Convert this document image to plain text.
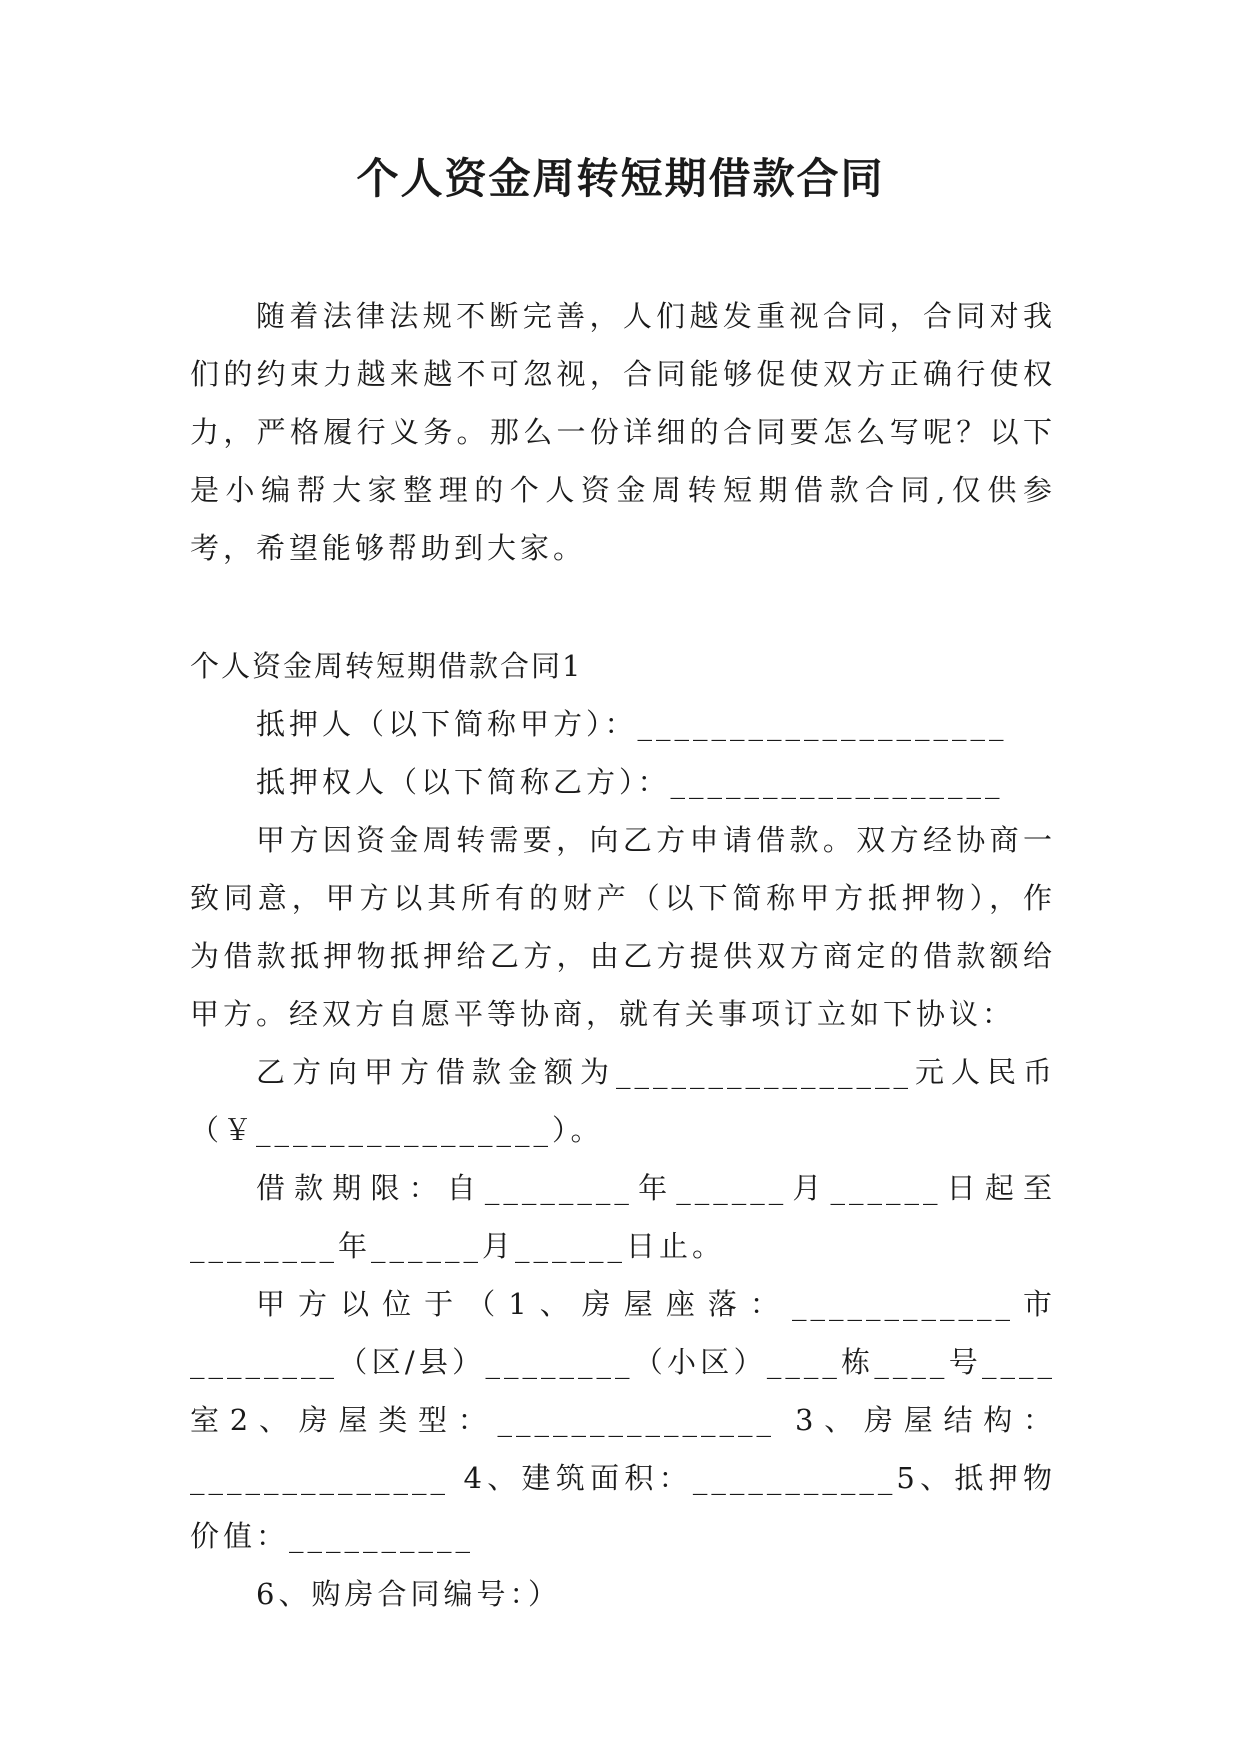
个人资金周转短期借款合同

随着法律法规不断完善，人们越发重视合同，合同对我们的约束力越来越不可忽视，合同能够促使双方正确行使权力，严格履行义务。那么一份详细的合同要怎么写呢？以下是小编帮大家整理的个人资金周转短期借款合同,仅供参考，希望能够帮助到大家。

个人资金周转短期借款合同1

抵押人（以下简称甲方）：____________________

抵押权人（以下简称乙方）：__________________

甲方因资金周转需要，向乙方申请借款。双方经协商一致同意，甲方以其所有的财产（以下简称甲方抵押物），作为借款抵押物抵押给乙方，由乙方提供双方商定的借款额给甲方。经双方自愿平等协商，就有关事项订立如下协议：

乙方向甲方借款金额为________________元人民币（￥________________）。

借款期限：自________年______月______日起至________年______月______日止。

甲方以位于（1、房屋座落：____________市________（区/县）________（小区）____栋____号____室2、房屋类型：_______________ 3、房屋结构：______________ 4、建筑面积：___________5、抵押物价值：__________

6、购房合同编号：）
